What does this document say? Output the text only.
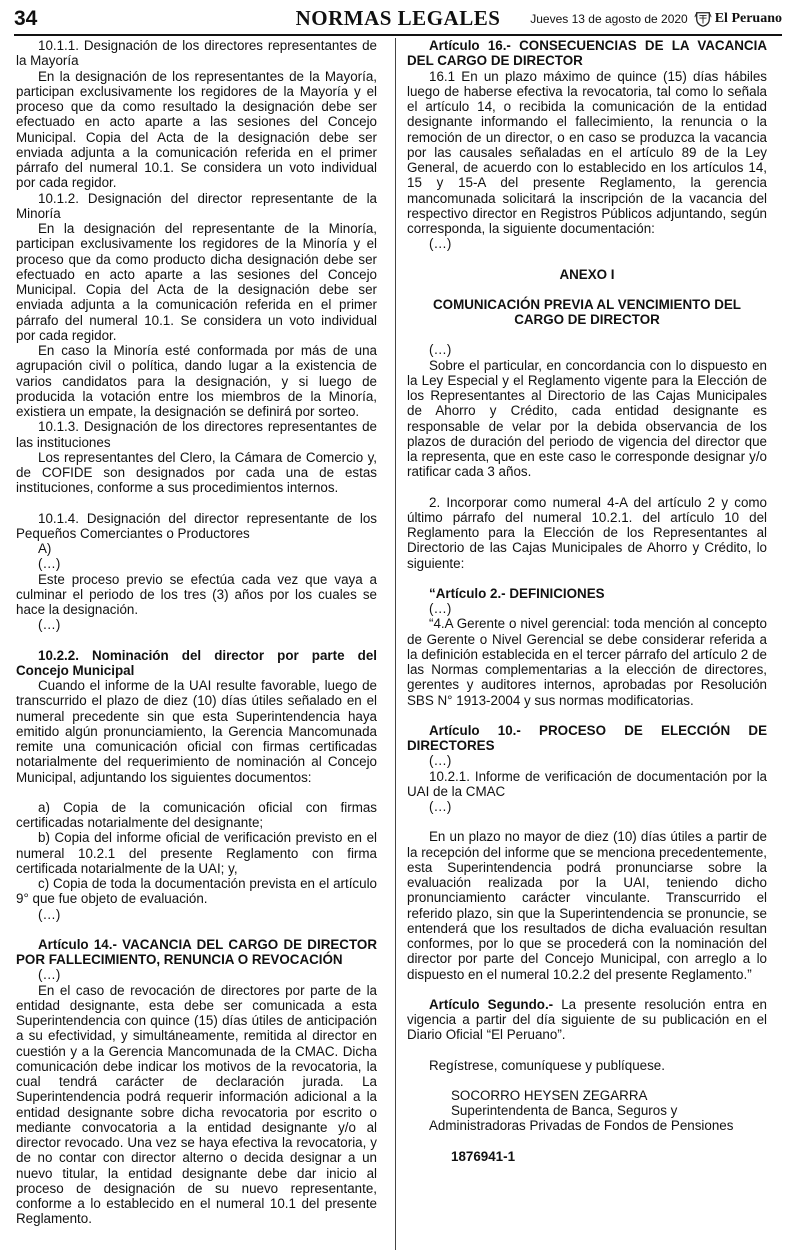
34	NORMAS LEGALES	Jueves 13 de agosto de 2020 El Peruano

10.1.1. Designación de los directores representantes de la Mayoría

En la designación de los representantes de la Mayoría, participan exclusivamente los regidores de la Mayoría y el proceso que da como resultado la designación debe ser efectuado en acto aparte a las sesiones del Concejo Municipal. Copia del Acta de la designación debe ser enviada adjunta a la comunicación referida en el primer párrafo del numeral 10.1. Se considera un voto individual por cada regidor.

10.1.2. Designación del director representante de la Minoría

En la designación del representante de la Minoría, participan exclusivamente los regidores de la Minoría y el proceso que da como producto dicha designación debe ser efectuado en acto aparte a las sesiones del Concejo Municipal. Copia del Acta de la designación debe ser enviada adjunta a la comunicación referida en el primer párrafo del numeral 10.1. Se considera un voto individual por cada regidor.

En caso la Minoría esté conformada por más de una agrupación civil o política, dando lugar a la existencia de varios candidatos para la designación, y si luego de producida la votación entre los miembros de la Minoría, existiera un empate, la designación se definirá por sorteo.

10.1.3. Designación de los directores representantes de las instituciones

Los representantes del Clero, la Cámara de Comercio y, de COFIDE son designados por cada una de estas instituciones, conforme a sus procedimientos internos.

10.1.4. Designación del director representante de los Pequeños Comerciantes o Productores

A)

(…)

Este proceso previo se efectúa cada vez que vaya a culminar el periodo de los tres (3) años por los cuales se hace la designación.

(…)

10.2.2. Nominación del director por parte del Concejo Municipal

Cuando el informe de la UAI resulte favorable, luego de transcurrido el plazo de diez (10) días útiles señalado en el numeral precedente sin que esta Superintendencia haya emitido algún pronunciamiento, la Gerencia Mancomunada remite una comunicación oficial con firmas certificadas notarialmente del requerimiento de nominación al Concejo Municipal, adjuntando los siguientes documentos:

a) Copia de la comunicación oficial con firmas certificadas notarialmente del designante;

b) Copia del informe oficial de verificación previsto en el numeral 10.2.1 del presente Reglamento con firma certificada notarialmente de la UAI; y,

c) Copia de toda la documentación prevista en el artículo 9° que fue objeto de evaluación.

(…)

Artículo 14.- VACANCIA DEL CARGO DE DIRECTOR POR FALLECIMIENTO, RENUNCIA O REVOCACIÓN

(…)

En el caso de revocación de directores por parte de la entidad designante, esta debe ser comunicada a esta Superintendencia con quince (15) días útiles de anticipación a su efectividad, y simultáneamente, remitida al director en cuestión y a la Gerencia Mancomunada de la CMAC. Dicha comunicación debe indicar los motivos de la revocatoria, la cual tendrá carácter de declaración jurada. La Superintendencia podrá requerir información adicional a la entidad designante sobre dicha revocatoria por escrito o mediante convocatoria a la entidad designante y/o al director revocado. Una vez se haya efectiva la revocatoria, y de no contar con director alterno o decida designar a un nuevo titular, la entidad designante debe dar inicio al proceso de designación de su nuevo representante, conforme a lo establecido en el numeral 10.1 del presente Reglamento.

Artículo 16.- CONSECUENCIAS DE LA VACANCIA DEL CARGO DE DIRECTOR

16.1 En un plazo máximo de quince (15) días hábiles luego de haberse efectiva la revocatoria, tal como lo señala el artículo 14, o recibida la comunicación de la entidad designante informando el fallecimiento, la renuncia o la remoción de un director, o en caso se produzca la vacancia por las causales señaladas en el artículo 89 de la Ley General, de acuerdo con lo establecido en los artículos 14, 15 y 15-A del presente Reglamento, la gerencia mancomunada solicitará la inscripción de la vacancia del respectivo director en Registros Públicos adjuntando, según corresponda, la siguiente documentación:

(…)

ANEXO I

COMUNICACIÓN PREVIA AL VENCIMIENTO DEL CARGO DE DIRECTOR

(…)

Sobre el particular, en concordancia con lo dispuesto en la Ley Especial y el Reglamento vigente para la Elección de los Representantes al Directorio de las Cajas Municipales de Ahorro y Crédito, cada entidad designante es responsable de velar por la debida observancia de los plazos de duración del periodo de vigencia del director que la representa, que en este caso le corresponde designar y/o ratificar cada 3 años.

2. Incorporar como numeral 4-A del artículo 2 y como último párrafo del numeral 10.2.1. del artículo 10 del Reglamento para la Elección de los Representantes al Directorio de las Cajas Municipales de Ahorro y Crédito, lo siguiente:

“Artículo 2.- DEFINICIONES

(…)

“4.A Gerente o nivel gerencial: toda mención al concepto de Gerente o Nivel Gerencial se debe considerar referida a la definición establecida en el tercer párrafo del artículo 2 de las Normas complementarias a la elección de directores, gerentes y auditores internos, aprobadas por Resolución SBS N° 1913-2004 y sus normas modificatorias.

Artículo 10.- PROCESO DE ELECCIÓN DE DIRECTORES

(…)

10.2.1. Informe de verificación de documentación por la UAI de la CMAC

(…)

En un plazo no mayor de diez (10) días útiles a partir de la recepción del informe que se menciona precedentemente, esta Superintendencia podrá pronunciarse sobre la evaluación realizada por la UAI, teniendo dicho pronunciamiento carácter vinculante. Transcurrido el referido plazo, sin que la Superintendencia se pronuncie, se entenderá que los resultados de dicha evaluación resultan conformes, por lo que se procederá con la nominación del director por parte del Concejo Municipal, con arreglo a lo dispuesto en el numeral 10.2.2 del presente Reglamento.”

Artículo Segundo.- La presente resolución entra en vigencia a partir del día siguiente de su publicación en el Diario Oficial “El Peruano”.

Regístrese, comuníquese y publíquese.

SOCORRO HEYSEN ZEGARRA

Superintendenta de Banca, Seguros y Administradoras Privadas de Fondos de Pensiones

1876941-1
